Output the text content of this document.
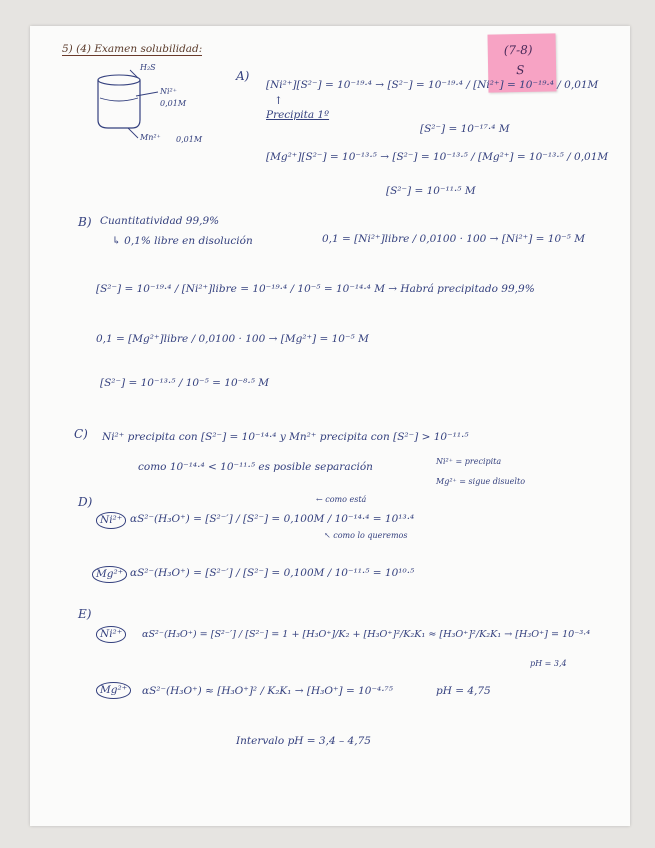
5) (4) Examen solubilidad:	(7-8)
S
H₂S
Ni²⁺
0,01M
Mn²⁺ 0,01M
A)
[Ni²⁺][S²⁻] = 10⁻¹⁹·⁴ → [S²⁻] = 10⁻¹⁹·⁴ / [Ni²⁺] = 10⁻¹⁹·⁴ / 0,01M
↑
Precipita 1º
[S²⁻] = 10⁻¹⁷·⁴ M
[Mg²⁺][S²⁻] = 10⁻¹³·⁵ → [S²⁻] = 10⁻¹³·⁵ / [Mg²⁺] = 10⁻¹³·⁵ / 0,01M
[S²⁻] = 10⁻¹¹·⁵ M
B) Cuantitatividad 99,9%
↳ 0,1% libre en disolución	0,1 = [Ni²⁺]libre / 0,0100 · 100 → [Ni²⁺] = 10⁻⁵ M
[S²⁻] = 10⁻¹⁹·⁴ / [Ni²⁺]libre = 10⁻¹⁹·⁴ / 10⁻⁵ = 10⁻¹⁴·⁴ M → Habrá precipitado 99,9%
0,1 = [Mg²⁺]libre / 0,0100 · 100 → [Mg²⁺] = 10⁻⁵ M
[S²⁻] = 10⁻¹³·⁵ / 10⁻⁵ = 10⁻⁸·⁵ M
C) Ni²⁺ precipita con [S²⁻] = 10⁻¹⁴·⁴ y Mn²⁺ precipita con [S²⁻] > 10⁻¹¹·⁵
como 10⁻¹⁴·⁴ < 10⁻¹¹·⁵ es posible separación	Ni²⁺ = precipita
Mg²⁺ = sigue disuelto
D)
Ni²⁺ αS²⁻(H₃O⁺) = [S²⁻′] / [S²⁻] = 0,100M / 10⁻¹⁴·⁴ = 10¹³·⁴
← como está
↖ como lo queremos
Mg²⁺ αS²⁻(H₃O⁺) = [S²⁻′] / [S²⁻] = 0,100M / 10⁻¹¹·⁵ = 10¹⁰·⁵
E)
Ni²⁺	αS²⁻(H₃O⁺) = [S²⁻′] / [S²⁻] = 1 + [H₃O⁺]/K₂ + [H₃O⁺]²/K₂K₁ ≈ [H₃O⁺]²/K₂K₁ → [H₃O⁺] = 10⁻³·⁴
pH = 3,4
Mg²⁺	αS²⁻(H₃O⁺) ≈ [H₃O⁺]² / K₂K₁ → [H₃O⁺] = 10⁻⁴·⁷⁵	pH = 4,75
Intervalo pH = 3,4 – 4,75
